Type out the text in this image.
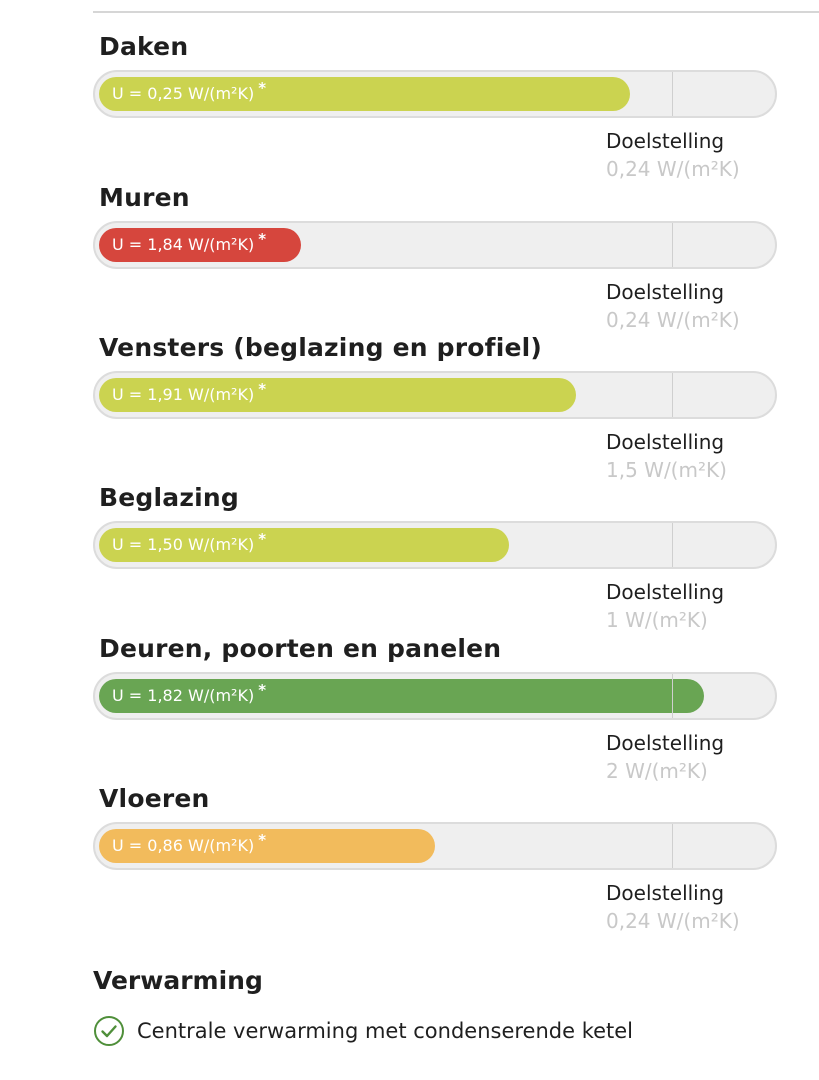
Daken
U = 0,25 W/(m²K) *
Doelstelling
0,24 W/(m²K)
Muren
U = 1,84 W/(m²K) *
Doelstelling
0,24 W/(m²K)
Vensters (beglazing en profiel)
U = 1,91 W/(m²K) *
Doelstelling
1,5 W/(m²K)
Beglazing
U = 1,50 W/(m²K) *
Doelstelling
1 W/(m²K)
Deuren, poorten en panelen
U = 1,82 W/(m²K) *
Doelstelling
2 W/(m²K)
Vloeren
U = 0,86 W/(m²K) *
Doelstelling
0,24 W/(m²K)
Verwarming
Centrale verwarming met condenserende ketel
